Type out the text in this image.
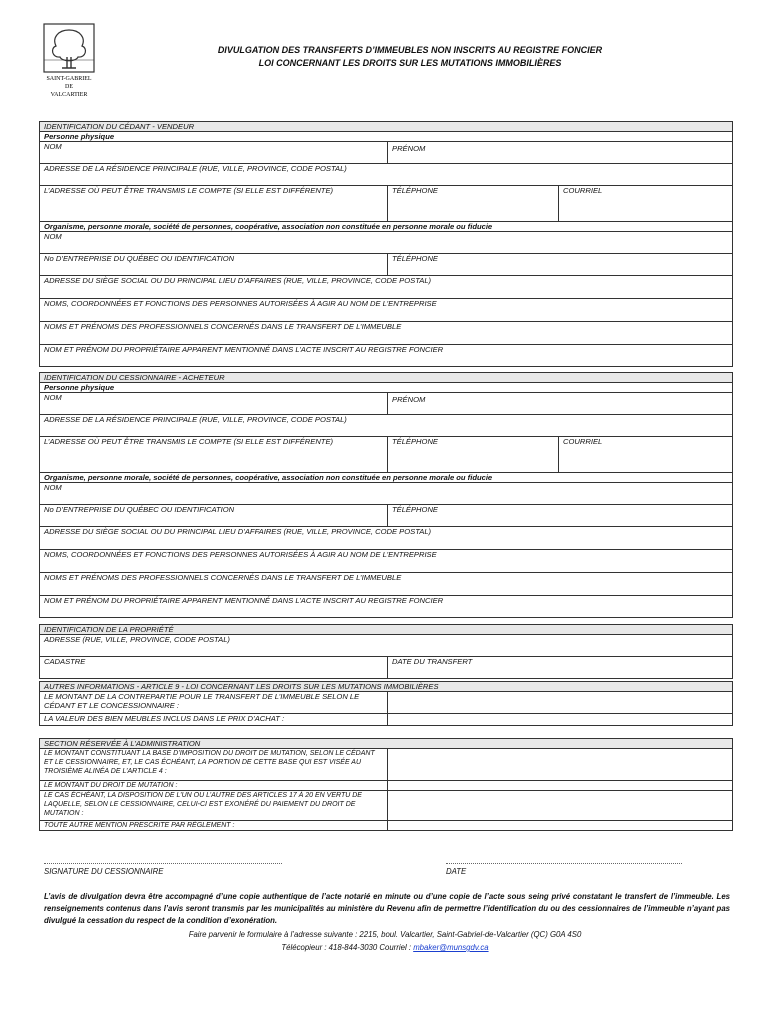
SAINT-GABRIEL
DE
VALCARTIER
DIVULGATION DES TRANSFERTS D’IMMEUBLES NON INSCRITS AU REGISTRE FONCIER
LOI CONCERNANT LES DROITS SUR LES MUTATIONS IMMOBILIÈRES
IDENTIFICATION DU CÉDANT - VENDEUR		
Personne physique		
NOM	PRÉNOM	

ADRESSE DE LA RÉSIDENCE PRINCIPALE (RUE, VILLE, PROVINCE, CODE POSTAL)		
L’ADRESSE OÙ PEUT ÊTRE TRANSMIS LE COMPTE (SI ELLE EST DIFFÉRENTE)	TÉLÉPHONE	COURRIEL
Organisme, personne morale, société de personnes, coopérative, association non constituée en personne morale ou fiducie		
NOM		
No D’ENTREPRISE DU QUÉBEC OU IDENTIFICATION	TÉLÉPHONE	
ADRESSE DU SIÈGE SOCIAL OU DU PRINCIPAL LIEU D’AFFAIRES (RUE, VILLE, PROVINCE, CODE POSTAL)		
NOMS, COORDONNÉES ET FONCTIONS DES PERSONNES AUTORISÉES À AGIR AU NOM DE L’ENTREPRISE		
NOMS ET PRÉNOMS DES PROFESSIONNELS CONCERNÉS DANS LE TRANSFERT DE L’IMMEUBLE		
NOM ET PRÉNOM DU PROPRIÉTAIRE APPARENT MENTIONNÉ DANS L’ACTE INSCRIT AU REGISTRE FONCIER		
IDENTIFICATION DU CESSIONNAIRE - ACHETEUR		
Personne physique		
NOM	PRÉNOM	

ADRESSE DE LA RÉSIDENCE PRINCIPALE (RUE, VILLE, PROVINCE, CODE POSTAL)		
L’ADRESSE OÙ PEUT ÊTRE TRANSMIS LE COMPTE (SI ELLE EST DIFFÉRENTE)	TÉLÉPHONE	COURRIEL
Organisme, personne morale, société de personnes, coopérative, association non constituée en personne morale ou fiducie		
NOM		
No D’ENTREPRISE DU QUÉBEC OU IDENTIFICATION	TÉLÉPHONE	
ADRESSE DU SIÈGE SOCIAL OU DU PRINCIPAL LIEU D’AFFAIRES (RUE, VILLE, PROVINCE, CODE POSTAL)		
NOMS, COORDONNÉES ET FONCTIONS DES PERSONNES AUTORISÉES À AGIR AU NOM DE L’ENTREPRISE		
NOMS ET PRÉNOMS DES PROFESSIONNELS CONCERNÉS DANS LE TRANSFERT DE L’IMMEUBLE		
NOM ET PRÉNOM DU PROPRIÉTAIRE APPARENT MENTIONNÉ DANS L’ACTE INSCRIT AU REGISTRE FONCIER		
IDENTIFICATION DE LA PROPRIÉTÉ
ADRESSE (RUE, VILLE, PROVINCE, CODE POSTAL)
CADASTRE	DATE DU TRANSFERT
AUTRES INFORMATIONS - ARTICLE 9 - LOI CONCERNANT LES DROITS SUR LES MUTATIONS IMMOBILIÈRES	
LE MONTANT DE LA CONTREPARTIE POUR LE TRANSFERT DE L’IMMEUBLE SELON LE CÉDANT ET LE CONCESSIONNAIRE :	
LA VALEUR DES BIEN MEUBLES INCLUS DANS LE PRIX D’ACHAT :	
SECTION RÉSERVÉE À L’ADMINISTRATION	
LE MONTANT CONSTITUANT LA BASE D’IMPOSITION DU DROIT DE MUTATION, SELON LE CÉDANT ET LE CESSIONNAIRE, ET, LE CAS ÉCHÉANT, LA PORTION DE CETTE BASE QUI EST VISÉE AU TROISIÈME ALINÉA DE L’ARTICLE 4 :	
LE MONTANT DU DROIT DE MUTATION :	
LE CAS ÉCHÉANT, LA DISPOSITION DE L’UN OU L’AUTRE DES ARTICLES 17 À 20 EN VERTU DE LAQUELLE, SELON LE CESSIONNAIRE, CELUI-CI EST EXONÉRÉ DU PAIEMENT DU DROIT DE MUTATION :	
TOUTE AUTRE MENTION PRESCRITE PAR RÈGLEMENT :	
SIGNATURE DU CESSIONNAIRE	DATE
L’avis de divulgation devra être accompagné d’une copie authentique de l’acte notarié en minute ou d’une copie de l’acte sous seing privé constatant le transfert de l’immeuble. Les renseignements contenus dans l’avis seront transmis par les municipalités au ministère du Revenu afin de permettre l’identification du ou des cessionnaires de l’immeuble n’ayant pas divulgué la cessation du respect de la condition d’exonération.
Faire parvenir le formulaire à l’adresse suivante : 2215, boul. Valcartier, Saint-Gabriel-de-Valcartier (QC) G0A 4S0
Télécopieur : 418-844-3030 Courriel : mbaker@munsgdv.ca
